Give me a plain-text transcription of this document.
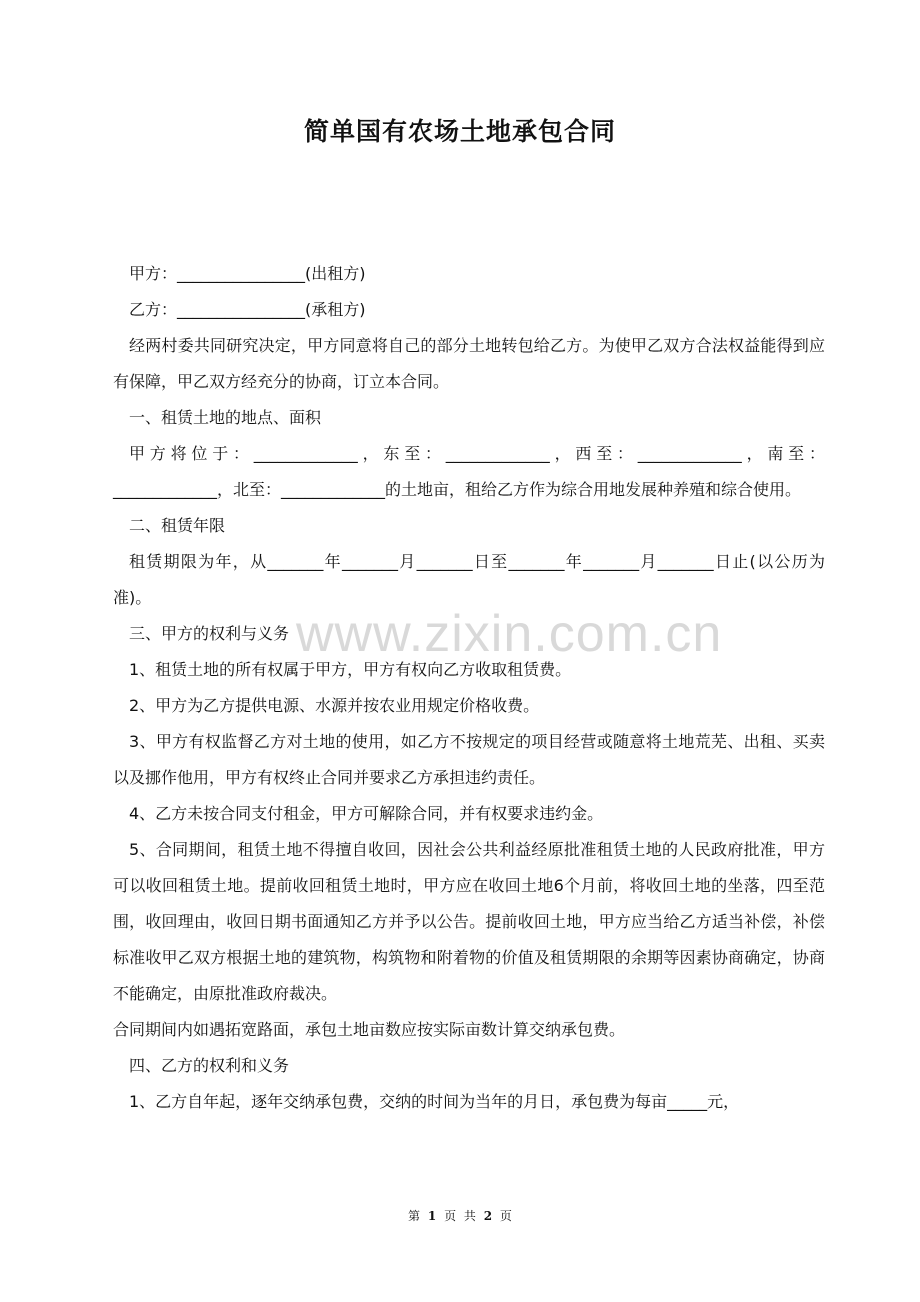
www.zixin.com.cn
简单国有农场土地承包合同

甲方：________________(出租方)

乙方：________________(承租方)

经两村委共同研究决定，甲方同意将自己的部分土地转包给乙方。为使甲乙双方合法权益能得到应有保障，甲乙双方经充分的协商，订立本合同。

一、租赁土地的地点、面积

甲方将位于：_____________，东至：_____________，西至：_____________，南至：_____________，北至：_____________的土地亩，租给乙方作为综合用地发展种养殖和综合使用。

二、租赁年限

租赁期限为年，从_______年_______月_______日至_______年_______月_______日止(以公历为准)。

三、甲方的权利与义务

1、租赁土地的所有权属于甲方，甲方有权向乙方收取租赁费。

2、甲方为乙方提供电源、水源并按农业用规定价格收费。

3、甲方有权监督乙方对土地的使用，如乙方不按规定的项目经营或随意将土地荒芜、出租、买卖以及挪作他用，甲方有权终止合同并要求乙方承担违约责任。

4、乙方未按合同支付租金，甲方可解除合同，并有权要求违约金。

5、合同期间，租赁土地不得擅自收回，因社会公共利益经原批准租赁土地的人民政府批准，甲方可以收回租赁土地。提前收回租赁土地时，甲方应在收回土地6个月前，将收回土地的坐落，四至范围，收回理由，收回日期书面通知乙方并予以公告。提前收回土地，甲方应当给乙方适当补偿，补偿标准收甲乙双方根据土地的建筑物，构筑物和附着物的价值及租赁期限的余期等因素协商确定，协商不能确定，由原批准政府裁决。

合同期间内如遇拓宽路面，承包土地亩数应按实际亩数计算交纳承包费。

四、乙方的权利和义务

1、乙方自年起，逐年交纳承包费，交纳的时间为当年的月日，承包费为每亩_____元，

第 1 页 共 2 页
